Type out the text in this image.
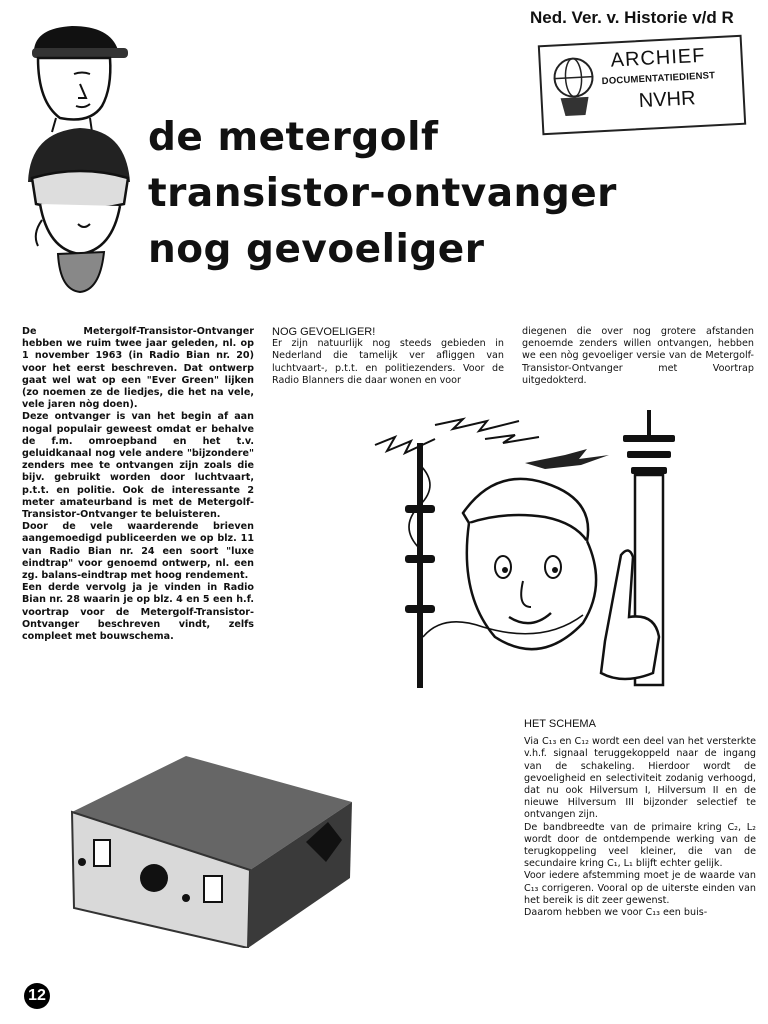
Ned. Ver. v. Historie v/d R
ARCHIEF
DOCUMENTATIEDIENST
NVHR
de metergolf
transistor-ontvanger
nog gevoeliger

De Metergolf-Transistor-Ontvanger hebben we ruim twee jaar geleden, nl. op 1 november 1963 (in Radio Bian nr. 20) voor het eerst beschreven. Dat ontwerp gaat wel wat op een "Ever Green" lijken (zo noemen ze de liedjes, die het na vele, vele jaren nòg doen).

Deze ontvanger is van het begin af aan nogal populair geweest omdat er behalve de f.m. omroepband en het t.v. geluidkanaal nog vele andere "bijzondere" zenders mee te ontvangen zijn zoals die bijv. gebruikt worden door luchtvaart, p.t.t. en politie. Ook de interessante 2 meter amateurband is met de Metergolf-Transistor-Ontvanger te beluisteren.

Door de vele waarderende brieven aangemoedigd publiceerden we op blz. 11 van Radio Bian nr. 24 een soort "luxe eindtrap" voor genoemd ontwerp, nl. een zg. balans-eindtrap met hoog rendement.

Een derde vervolg ja je vinden in Radio Bian nr. 28 waarin je op blz. 4 en 5 een h.f. voortrap voor de Metergolf-Transistor-Ontvanger beschreven vindt, zelfs compleet met bouwschema.

NOG GEVOELIGER!

Er zijn natuurlijk nog steeds gebieden in Nederland die tamelijk ver afliggen van luchtvaart-, p.t.t. en politiezenders. Voor de Radio Blanners die daar wonen en voor

diegenen die over nog grotere afstanden genoemde zenders willen ontvangen, hebben we een nòg gevoeliger versie van de Metergolf-Transistor-Ontvanger met Voortrap uitgedokterd.

HET SCHEMA

Via C₁₃ en C₁₂ wordt een deel van het versterkte v.h.f. signaal teruggekoppeld naar de ingang van de schakeling. Hierdoor wordt de gevoeligheid en selectiviteit zodanig verhoogd, dat nu ook Hilversum I, Hilversum II en de nieuwe Hilversum III bijzonder selectief te ontvangen zijn.

De bandbreedte van de primaire kring C₂, L₂ wordt door de ontdempende werking van de terugkoppeling veel kleiner, die van de secundaire kring C₁, L₁ blijft echter gelijk.

Voor iedere afstemming moet je de waarde van C₁₃ corrigeren. Vooral op de uiterste einden van het bereik is dit zeer gewenst.

Daarom hebben we voor C₁₃ een buis-

12
